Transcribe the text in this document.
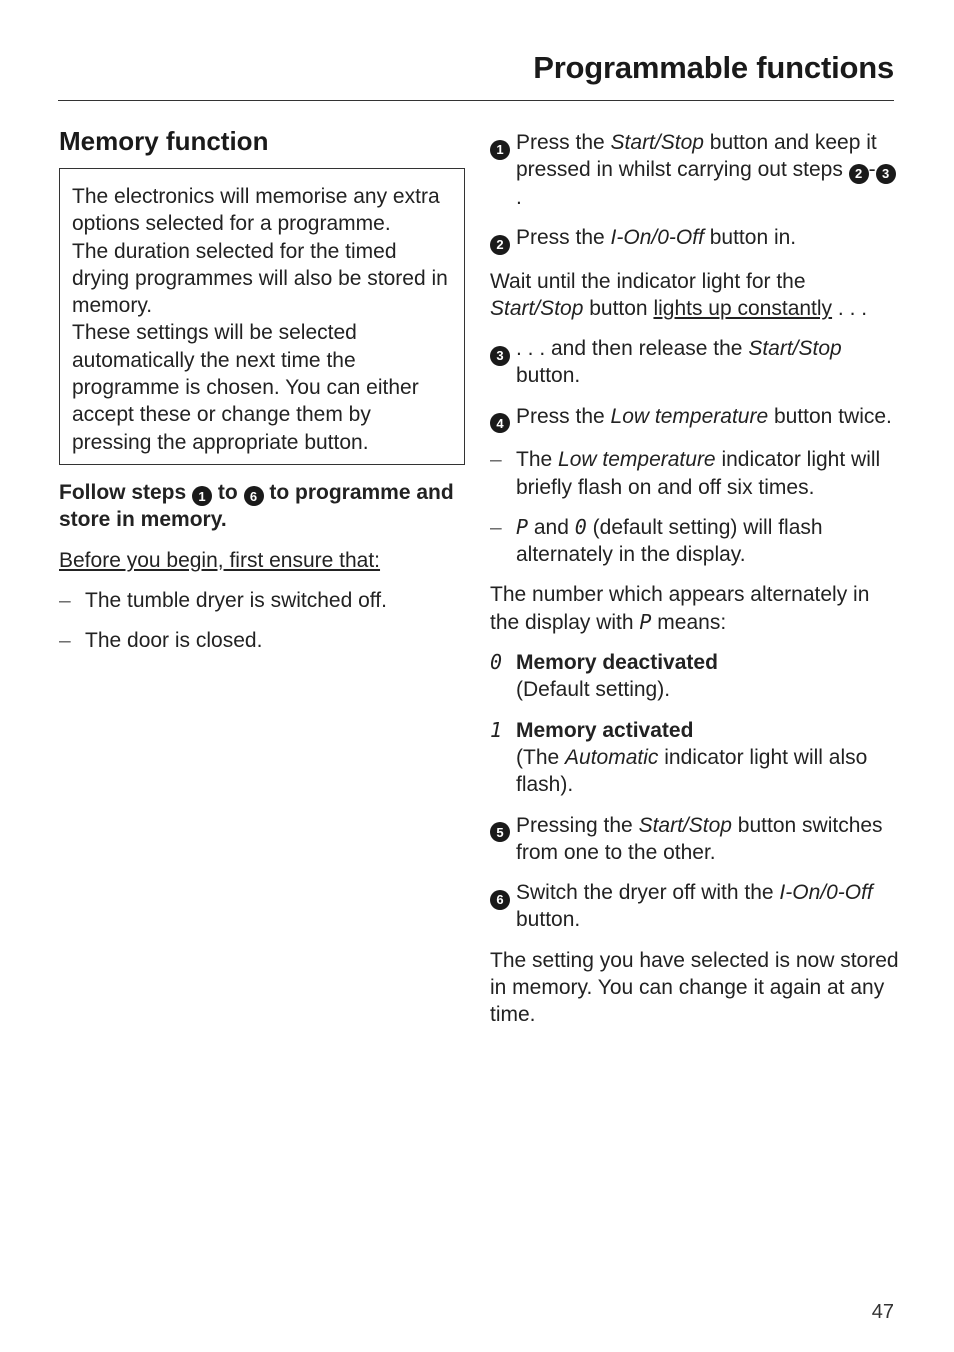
Programmable functions
Memory function

The electronics will memorise any extra options selected for a programme.

The duration selected for the timed drying programmes will also be stored in memory.

These settings will be selected automatically the next time the programme is chosen. You can either accept these or change them by pressing the appropriate button.

Follow steps 1 to 6 to programme and store in memory.

Before you begin, first ensure that:

– The tumble dryer is switched off.
– The door is closed.
1 Press the Start/Stop button and keep it pressed in whilst carrying out steps 2 - 3.
2 Press the I-On/0-Off button in.

Wait until the indicator light for the Start/Stop button lights up constantly . . .

3 . . . and then release the Start/Stop button.
4 Press the Low temperature button twice.
– The Low temperature indicator light will briefly flash on and off six times.
– P and 0 (default setting) will flash alternately in the display.

The number which appears alternately in the display with P means:

0 Memory deactivated
(Default setting).
1 Memory activated
(The Automatic indicator light will also flash).
5 Pressing the Start/Stop button switches from one to the other.
6 Switch the dryer off with the I-On/0-Off button.

The setting you have selected is now stored in memory. You can change it again at any time.

47
